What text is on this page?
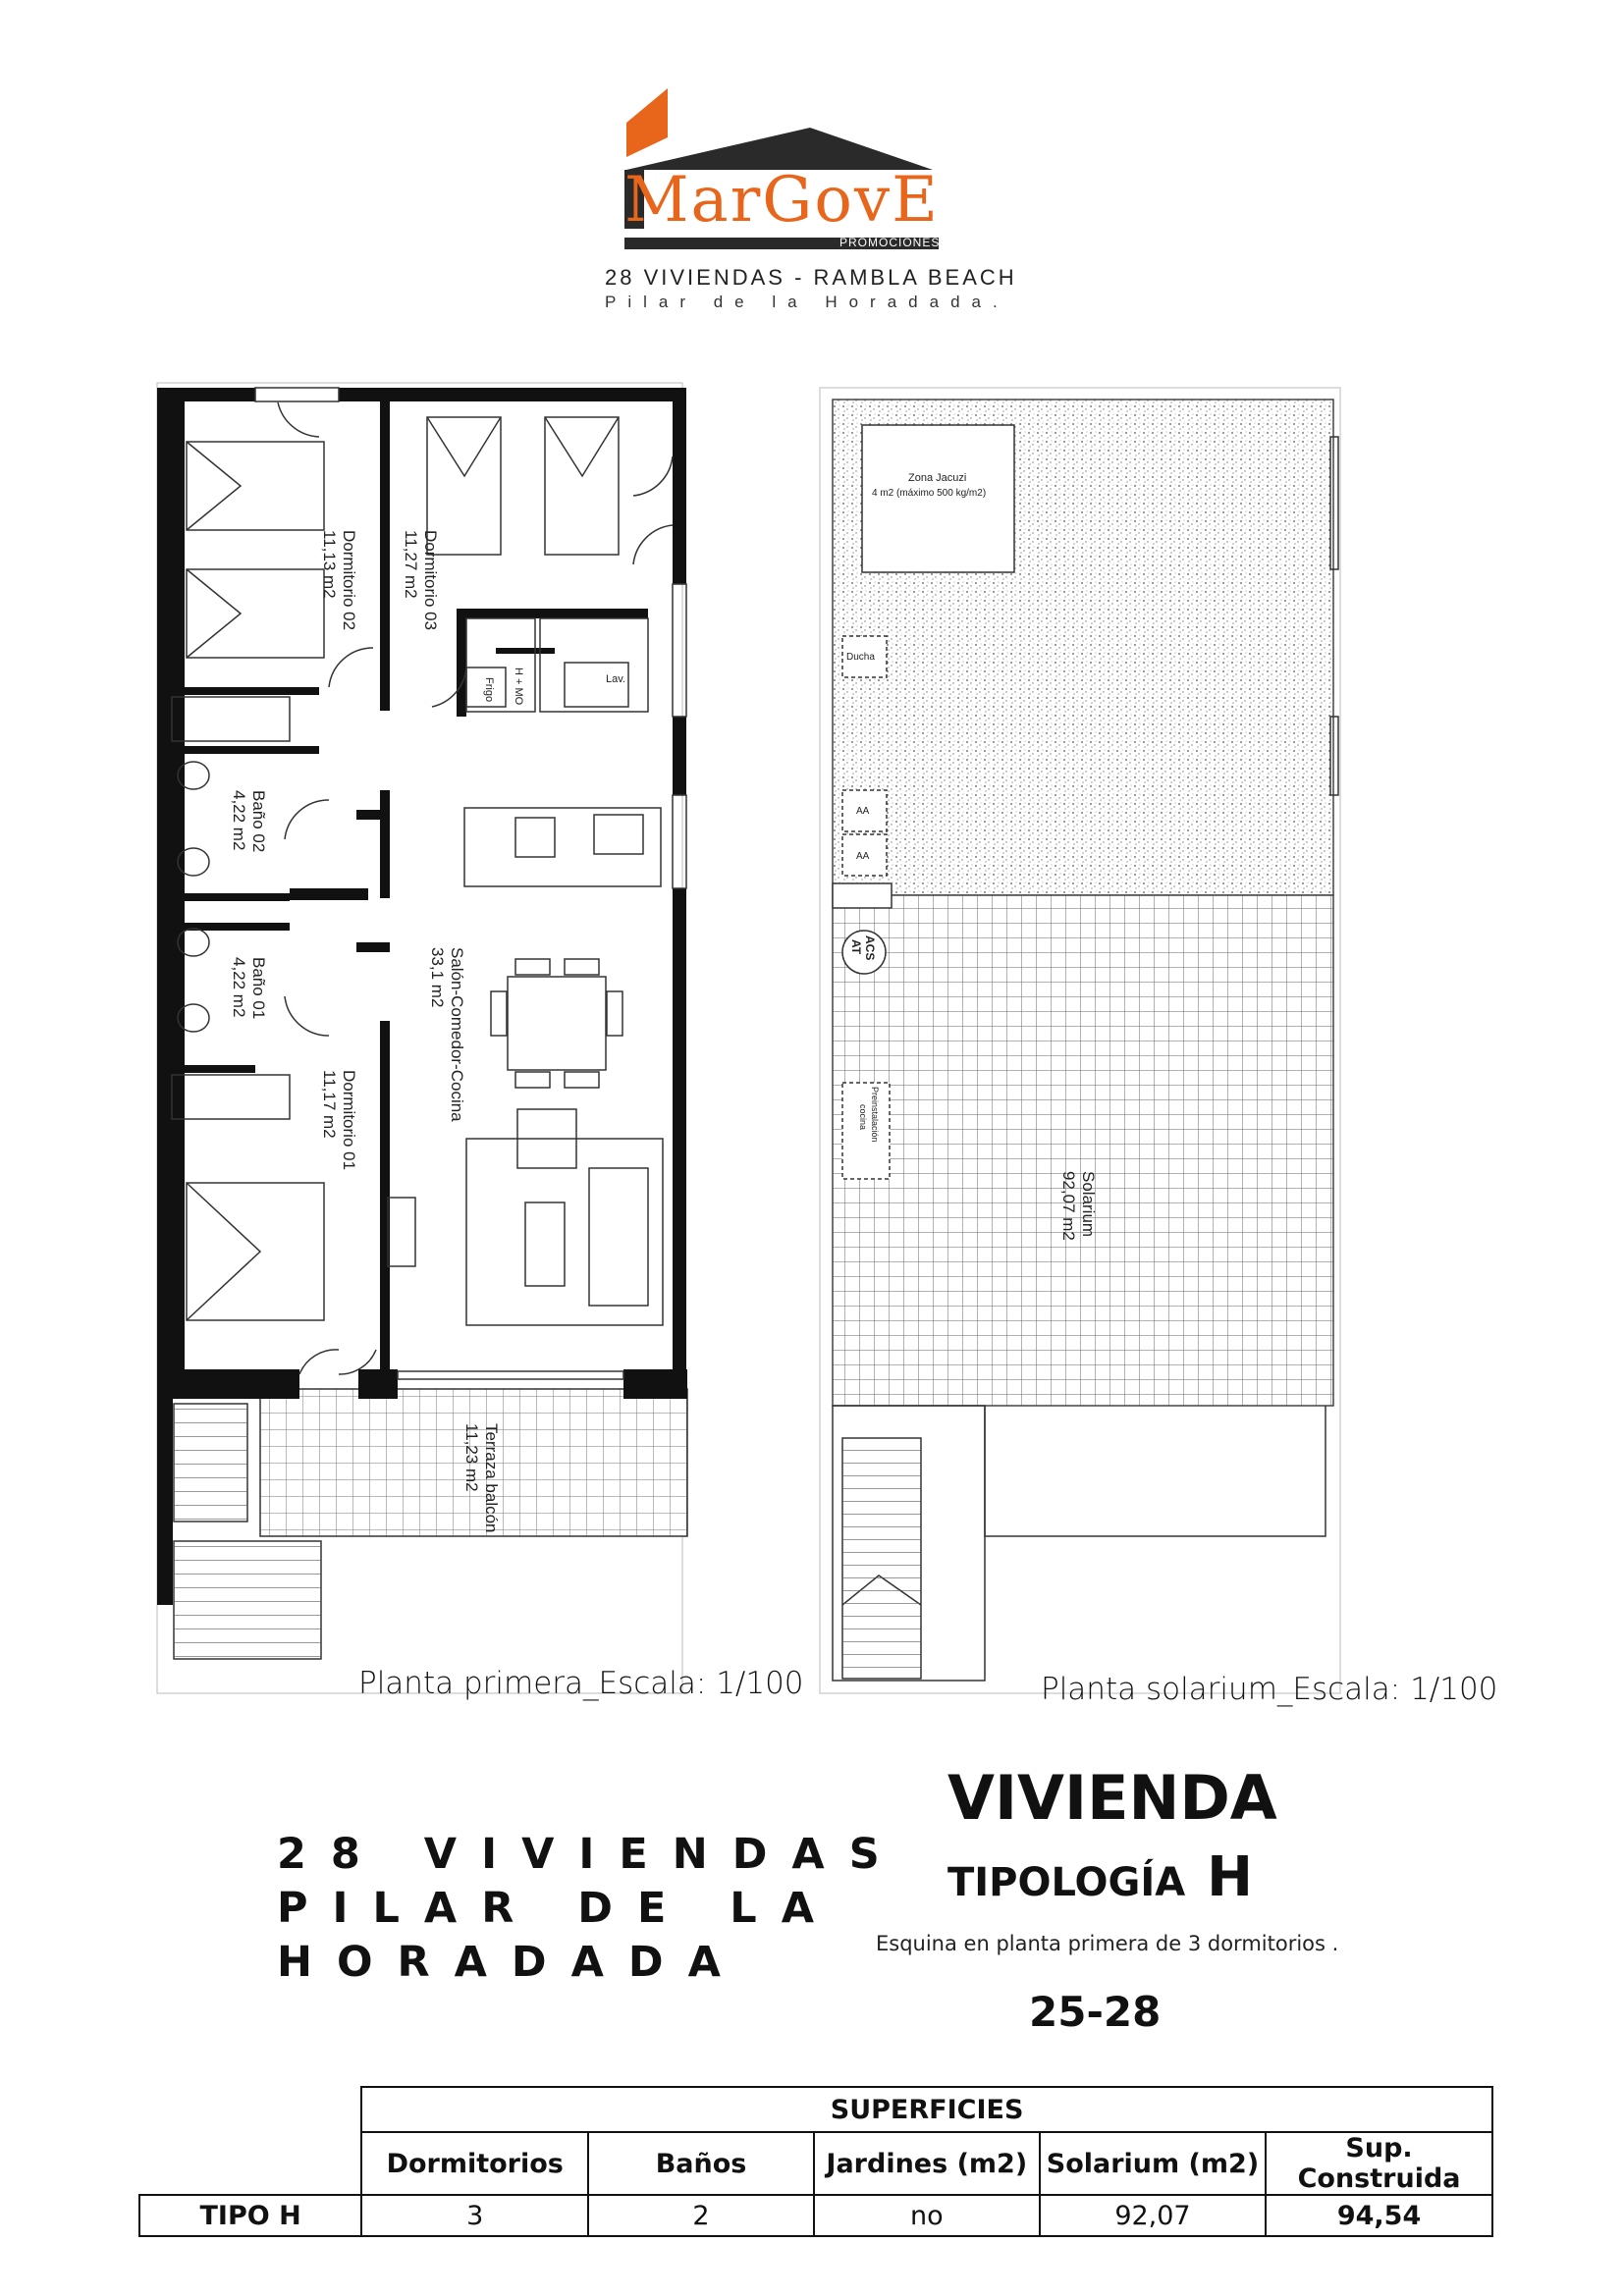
MarGovE
PROMOCIONES
28 VIVIENDAS - RAMBLA BEACH
Pilar de la Horadada.
Dormitorio 02
11,13 m2	Dormitorio 03
11,27 m2
Baño 02
4,22 m2
Baño 01
4,22 m2
Dormitorio 01
11,17 m2	Salón-Comedor-Cocina
33,1 m2
Terraza balcón
11,23 m2
Frigo H + MO	Lav.
Planta primera_Escala: 1/100
Zona Jacuzi
4 m2 (máximo 500 kg/m2)
Ducha
AA
AA
ACS
AT
Preinstalación
cocina
Solarium
92,07 m2
Planta solarium_Escala: 1/100
VIVIENDA
TIPOLOGÍA H
Esquina en planta primera de 3 dormitorios .
25-28
28 VIVIENDAS
PILAR DE LA
HORADADA
	SUPERFICIES				
	Dormitorios	Baños	Jardines (m2)	Solarium (m2)	Sup. Construida
TIPO H	3	2	no	92,07	94,54
